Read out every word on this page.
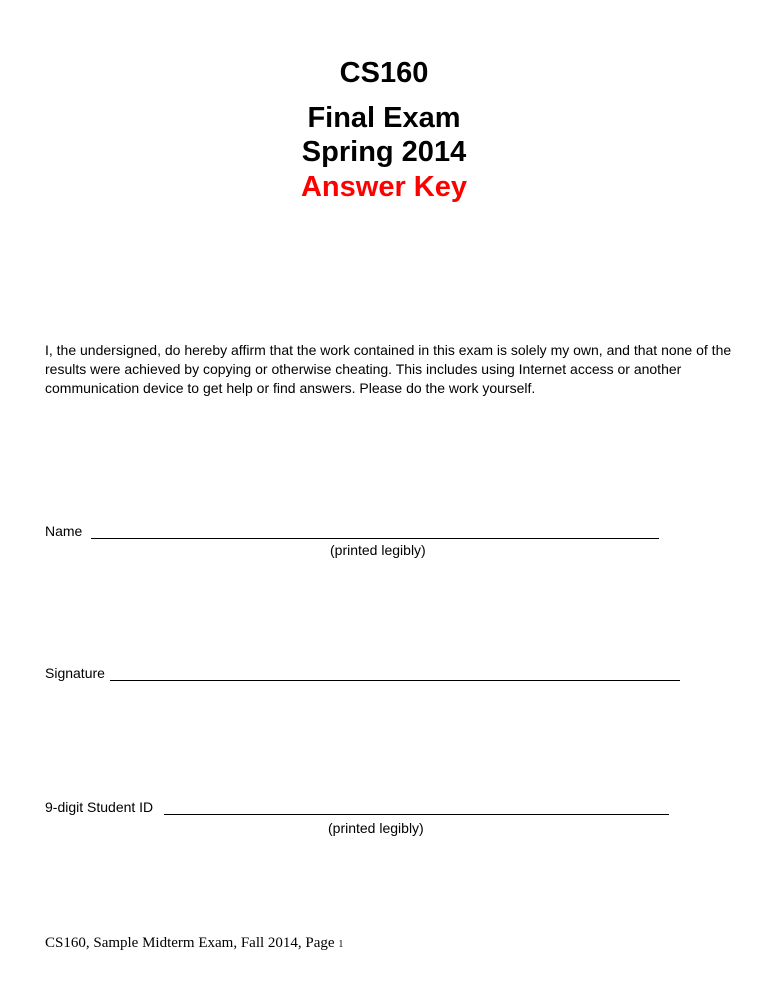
CS160
Final Exam
Spring 2014
Answer Key
I, the undersigned, do hereby affirm that the work contained in this exam is solely my own, and that none of the results were achieved by copying or otherwise cheating. This includes using Internet access or another communication device to get help or find answers. Please do the work yourself.
Name
(printed legibly)
Signature
9-digit Student ID
(printed legibly)
CS160, Sample Midterm Exam, Fall 2014, Page 1
